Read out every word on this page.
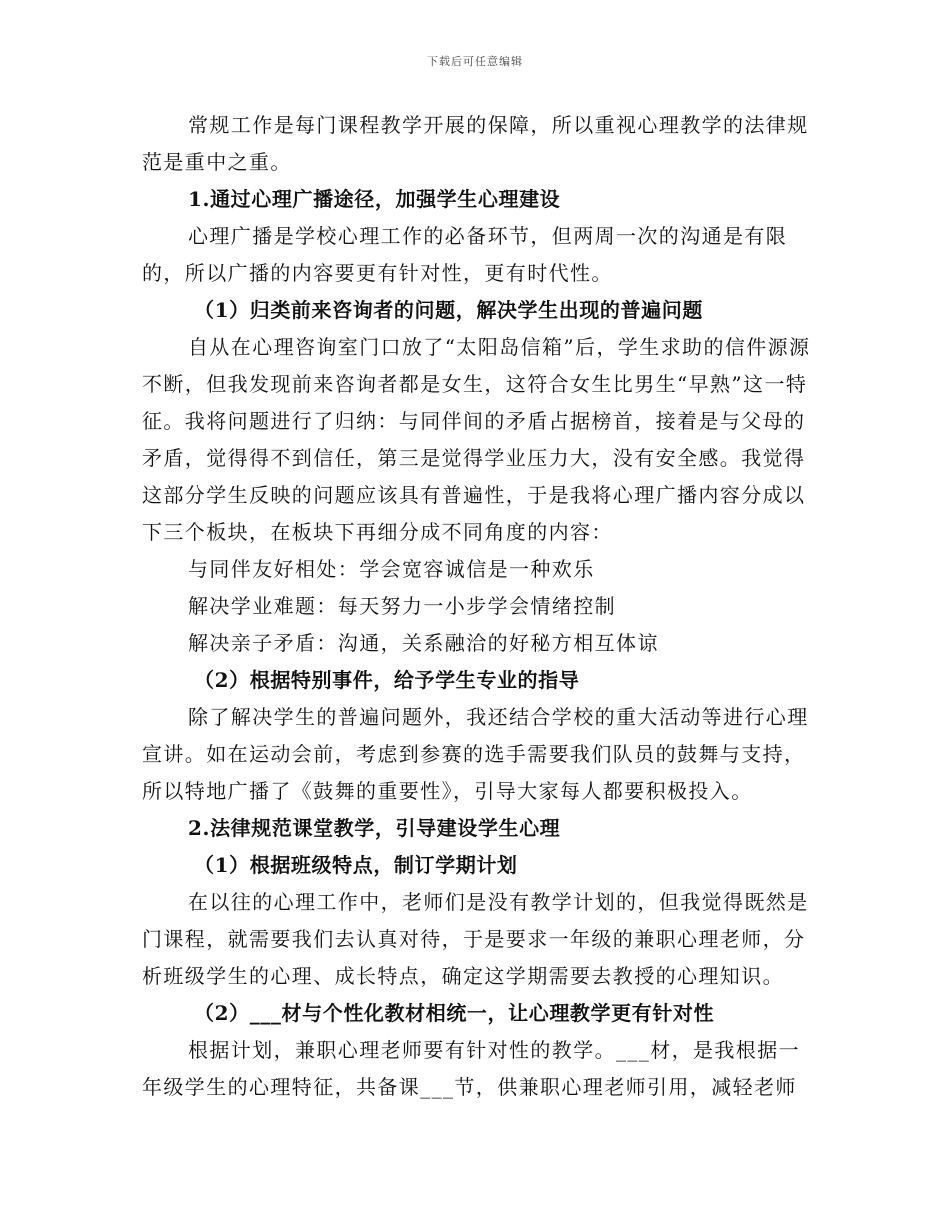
下载后可任意编辑

常规工作是每门课程教学开展的保障，所以重视心理教学的法律规范是重中之重。

1.通过心理广播途径，加强学生心理建设

心理广播是学校心理工作的必备环节，但两周一次的沟通是有限的，所以广播的内容要更有针对性，更有时代性。

（1）归类前来咨询者的问题，解决学生出现的普遍问题

自从在心理咨询室门口放了“太阳岛信箱”后，学生求助的信件源源不断，但我发现前来咨询者都是女生，这符合女生比男生“早熟”这一特征。我将问题进行了归纳：与同伴间的矛盾占据榜首，接着是与父母的矛盾，觉得得不到信任，第三是觉得学业压力大，没有安全感。我觉得这部分学生反映的问题应该具有普遍性，于是我将心理广播内容分成以下三个板块，在板块下再细分成不同角度的内容：

与同伴友好相处：学会宽容诚信是一种欢乐

解决学业难题：每天努力一小步学会情绪控制

解决亲子矛盾：沟通，关系融洽的好秘方相互体谅

（2）根据特别事件，给予学生专业的指导

除了解决学生的普遍问题外，我还结合学校的重大活动等进行心理宣讲。如在运动会前，考虑到参赛的选手需要我们队员的鼓舞与支持，所以特地广播了《鼓舞的重要性》，引导大家每人都要积极投入。

2.法律规范课堂教学，引导建设学生心理

（1）根据班级特点，制订学期计划

在以往的心理工作中，老师们是没有教学计划的，但我觉得既然是门课程，就需要我们去认真对待，于是要求一年级的兼职心理老师，分析班级学生的心理、成长特点，确定这学期需要去教授的心理知识。

（2）___材与个性化教材相统一，让心理教学更有针对性

根据计划，兼职心理老师要有针对性的教学。___材，是我根据一年级学生的心理特征，共备课___节，供兼职心理老师引用，减轻老师
